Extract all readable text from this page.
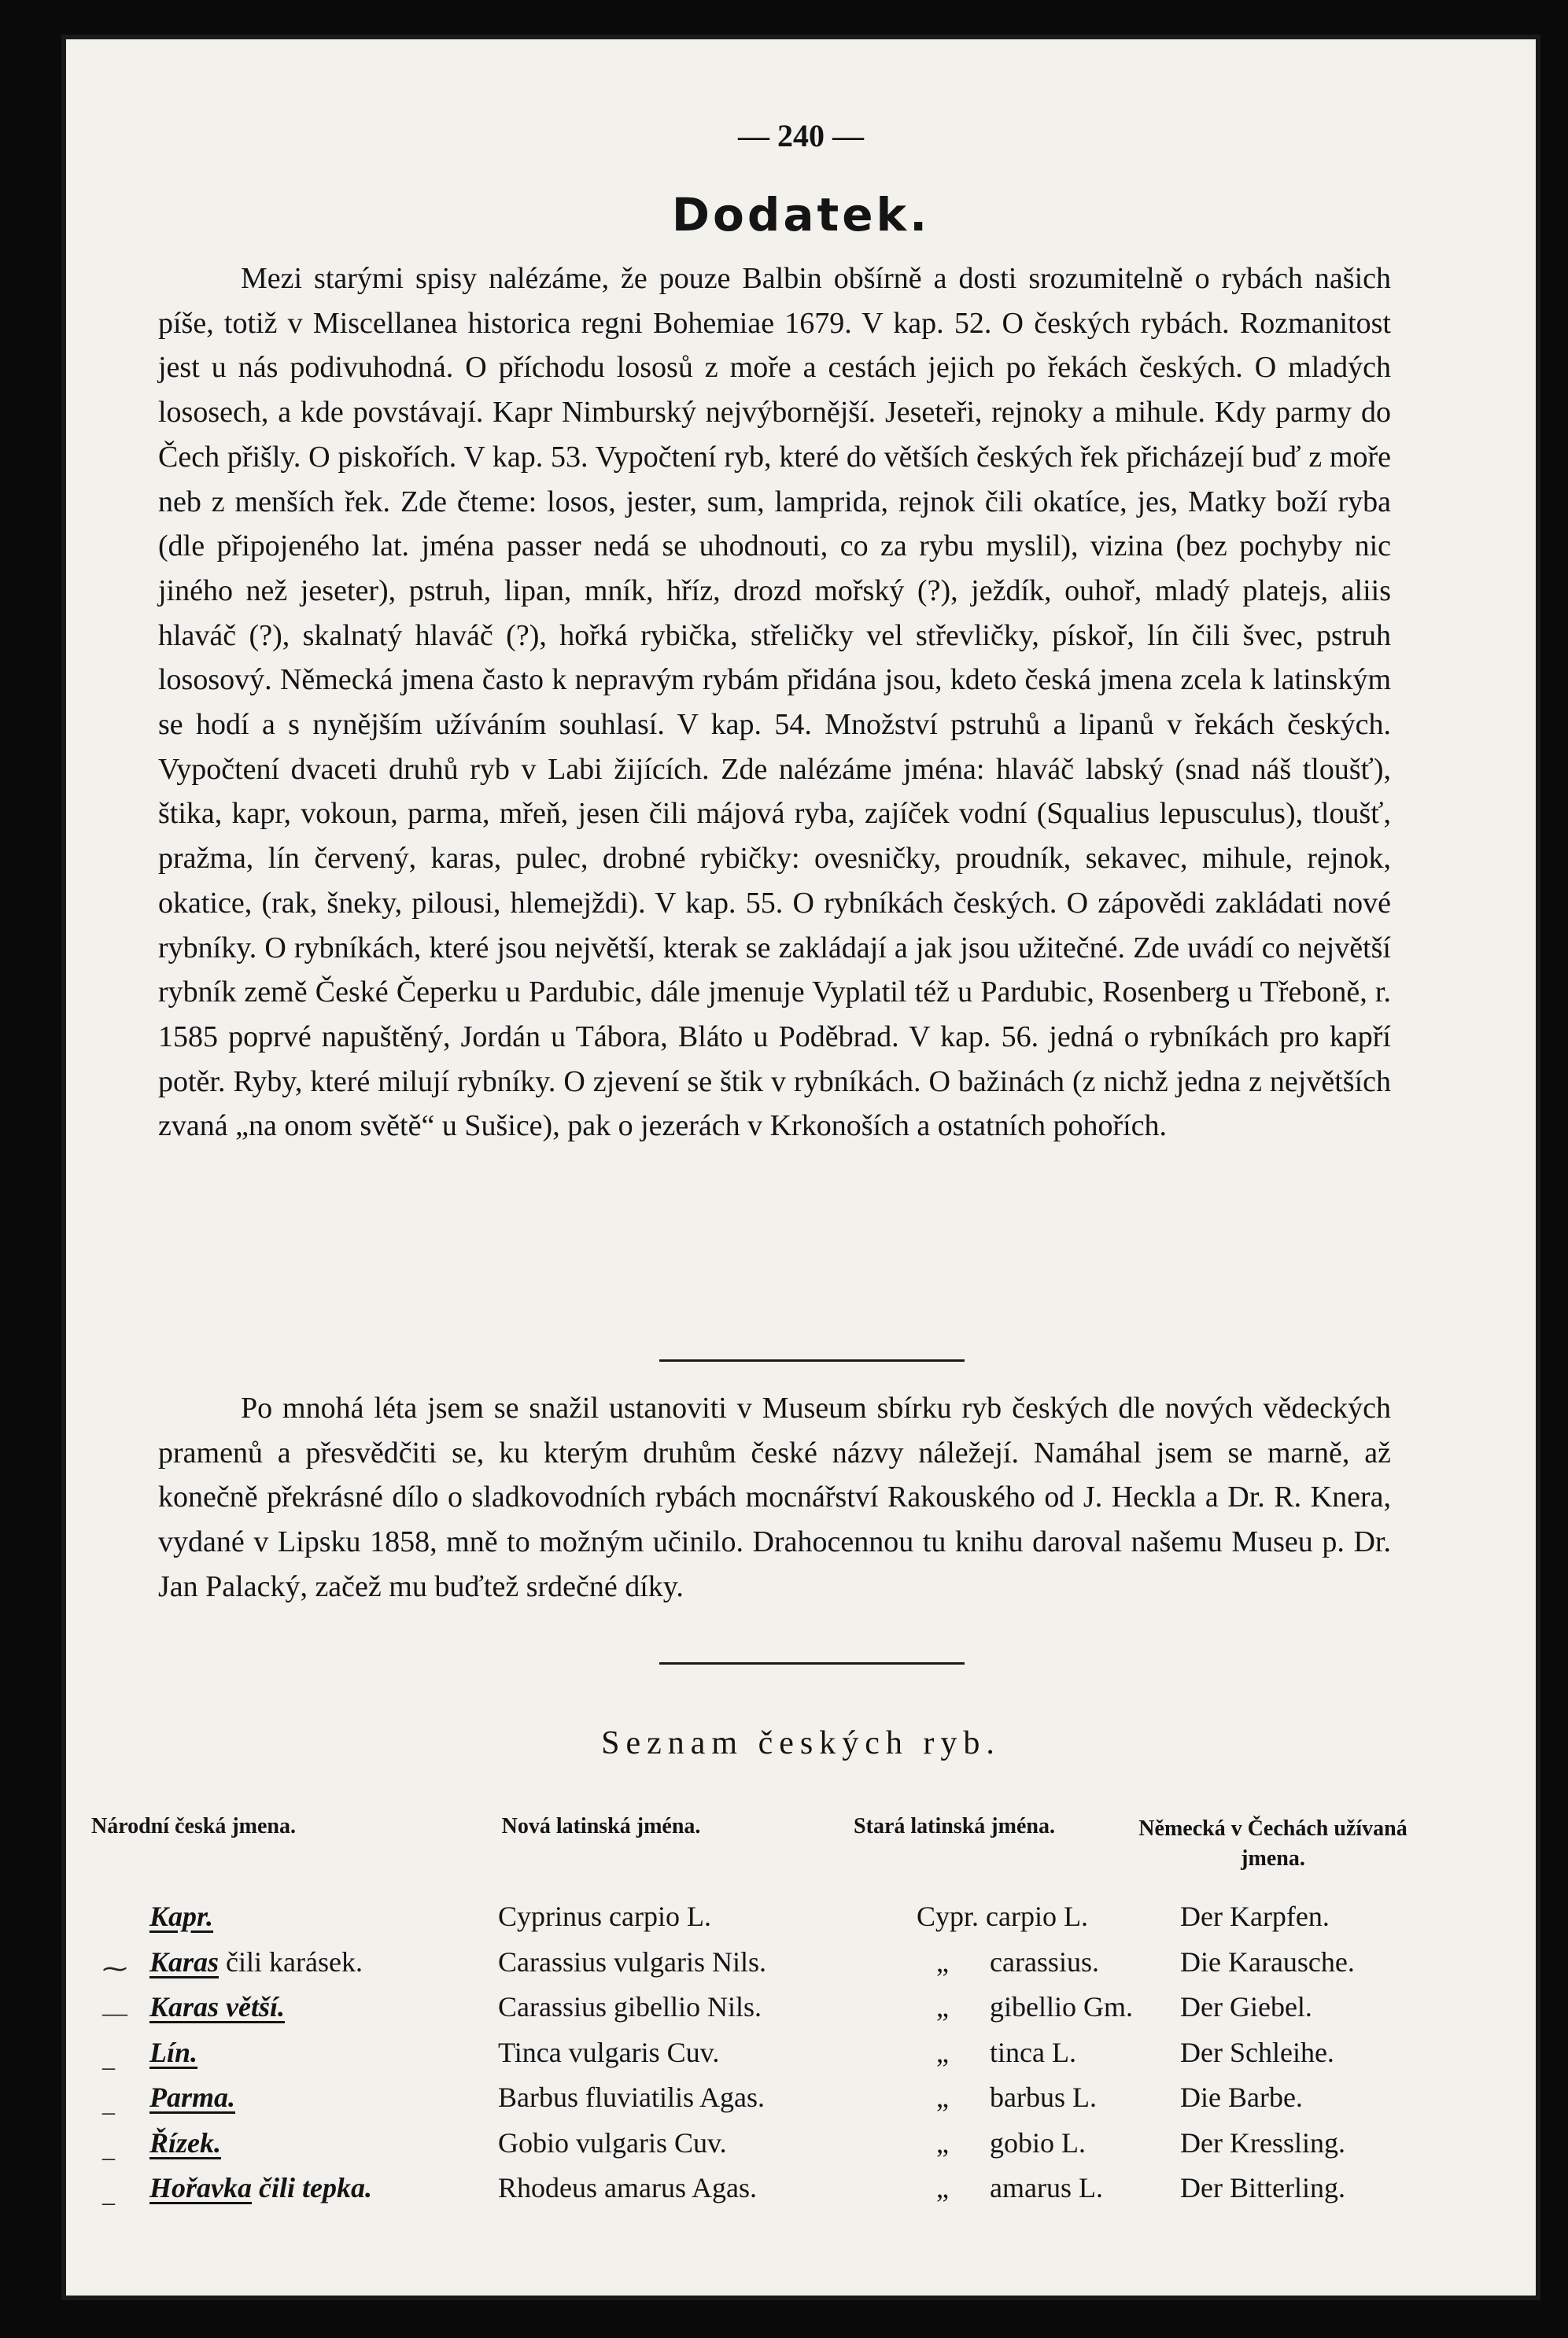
— 240 —
Dodatek.
Mezi starými spisy nalézáme, že pouze Balbin obšírně a dosti srozumitelně o rybách našich píše, totiž v Miscellanea historica regni Bohemiae 1679. V kap. 52. O českých rybách. Rozmanitost jest u nás podivuhodná. O příchodu lososů z moře a cestách jejich po řekách českých. O mladých lososech, a kde povstávají. Kapr Nimburský nejvýbornější. Jeseteři, rejnoky a mihule. Kdy parmy do Čech přišly. O piskořích. V kap. 53. Vypočtení ryb, které do větších českých řek přicházejí buď z moře neb z menších řek. Zde čteme: losos, jester, sum, lamprida, rejnok čili okatíce, jes, Matky boží ryba (dle připojeného lat. jména passer nedá se uhodnouti, co za rybu myslil), vizina (bez pochyby nic jiného než jeseter), pstruh, lipan, mník, hříz, drozd mořský (?), ježdík, ouhoř, mladý platejs, aliis hlaváč (?), skalnatý hlaváč (?), hořká rybička, střeličky vel střevličky, pískoř, lín čili švec, pstruh lososový. Německá jmena často k nepravým rybám přidána jsou, kdeto česká jmena zcela k latinským se hodí a s nynějším užíváním souhlasí. V kap. 54. Množství pstruhů a lipanů v řekách českých. Vypočtení dvaceti druhů ryb v Labi žijících. Zde nalézáme jména: hlaváč labský (snad náš tloušť), štika, kapr, vokoun, parma, mřeň, jesen čili májová ryba, zajíček vodní (Squalius lepusculus), tloušť, pražma, lín červený, karas, pulec, drobné rybičky: ovesničky, proudník, sekavec, mihule, rejnok, okatice, (rak, šneky, pilousi, hlemejždi). V kap. 55. O rybníkách českých. O zápovědi zakládati nové rybníky. O rybníkách, které jsou největší, kterak se zakládají a jak jsou užitečné. Zde uvádí co největší rybník země České Čeperku u Pardubic, dále jmenuje Vyplatil též u Pardubic, Rosenberg u Třeboně, r. 1585 poprvé napuštěný, Jordán u Tábora, Bláto u Poděbrad. V kap. 56. jedná o rybníkách pro kapří potěr. Ryby, které milují rybníky. O zjevení se štik v rybníkách. O bažinách (z nichž jedna z největších zvaná „na onom světě“ u Sušice), pak o jezerách v Krkonoších a ostatních pohořích.
Po mnohá léta jsem se snažil ustanoviti v Museum sbírku ryb českých dle nových vědeckých pramenů a přesvědčiti se, ku kterým druhům české názvy náležejí. Namáhal jsem se marně, až konečně překrásné dílo o sladkovodních rybách mocnářství Rakouského od J. Heckla a Dr. R. Knera, vydané v Lipsku 1858, mně to možným učinilo. Drahocennou tu knihu daroval našemu Museu p. Dr. Jan Palacký, začež mu buďtež srdečné díky.
Seznam českých ryb.
Národní česká jmena.	Nová latinská jména.	Stará latinská jména.	Německá v Čechách užívaná jmena.
Kapr.	Cyprinus carpio L.	Cypr. carpio L.	Der Karpfen.
⁓ Karas čili karásek.	Carassius vulgaris Nils.	„ carassius.	Die Karausche.
— Karas větší.	Carassius gibellio Nils.	„ gibellio Gm. Der Giebel.
_ Lín.	Tinca vulgaris Cuv.	„ tinca L.	Der Schleihe.
_ Parma.	Barbus fluviatilis Agas.	„ barbus L.	Die Barbe.
_ Řízek.	Gobio vulgaris Cuv.	„ gobio L.	Der Kressling.
_ Hořavka čili tepka.	Rhodeus amarus Agas.	„ amarus L.	Der Bitterling.
